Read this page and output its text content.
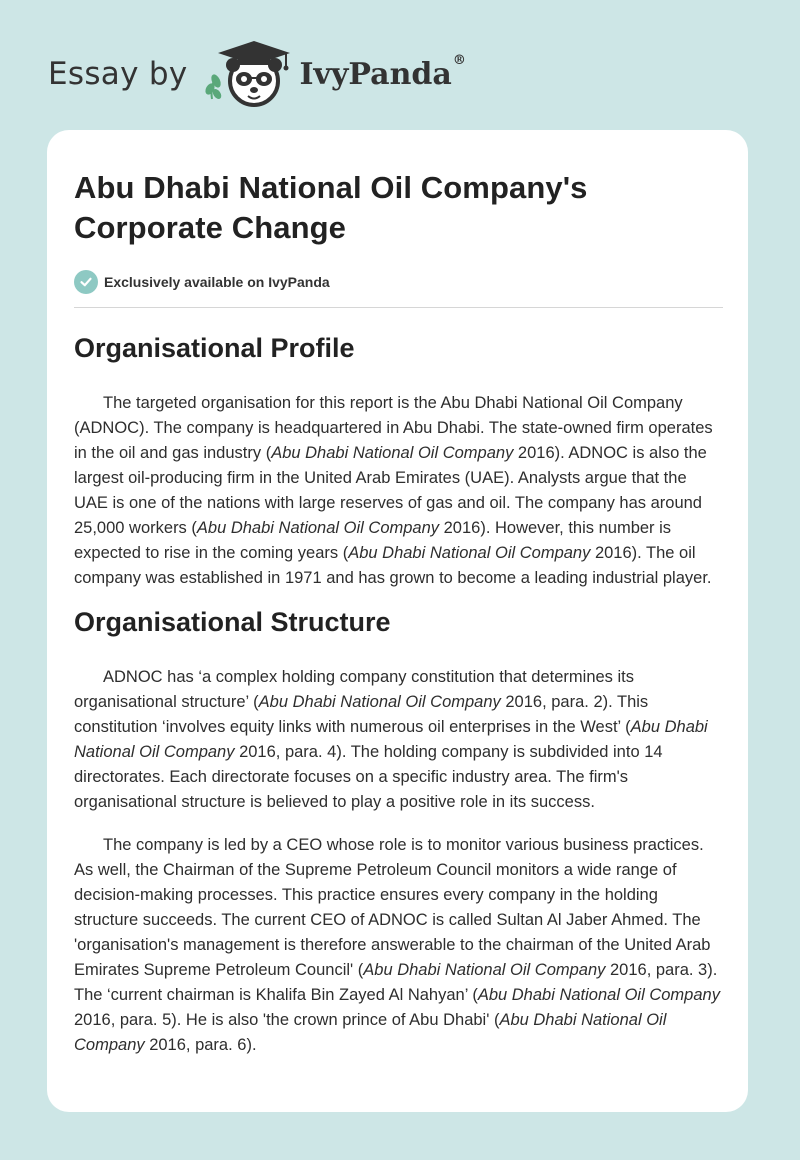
Essay by	IvyPanda®
Abu Dhabi National Oil Company's
Corporate Change
Exclusively available on IvyPanda
Organisational Profile

The targeted organisation for this report is the Abu Dhabi National Oil Company (ADNOC). The company is headquartered in Abu Dhabi. The state-owned firm operates in the oil and gas industry (Abu Dhabi National Oil Company 2016). ADNOC is also the largest oil-producing firm in the United Arab Emirates (UAE). Analysts argue that the UAE is one of the nations with large reserves of gas and oil. The company has around 25,000 workers (Abu Dhabi National Oil Company 2016). However, this number is expected to rise in the coming years (Abu Dhabi National Oil Company 2016). The oil company was established in 1971 and has grown to become a leading industrial player.

Organisational Structure

ADNOC has ‘a complex holding company constitution that determines its organisational structure’ (Abu Dhabi National Oil Company 2016, para. 2). This constitution ‘involves equity links with numerous oil enterprises in the West’ (Abu Dhabi National Oil Company 2016, para. 4). The holding company is subdivided into 14 directorates. Each directorate focuses on a specific industry area. The firm's organisational structure is believed to play a positive role in its success.

The company is led by a CEO whose role is to monitor various business practices. As well, the Chairman of the Supreme Petroleum Council monitors a wide range of decision-making processes. This practice ensures every company in the holding structure succeeds. The current CEO of ADNOC is called Sultan Al Jaber Ahmed. The 'organisation's management is therefore answerable to the chairman of the United Arab Emirates Supreme Petroleum Council' (Abu Dhabi National Oil Company 2016, para. 3). The ‘current chairman is Khalifa Bin Zayed Al Nahyan’ (Abu Dhabi National Oil Company 2016, para. 5). He is also 'the crown prince of Abu Dhabi' (Abu Dhabi National Oil Company 2016, para. 6).
